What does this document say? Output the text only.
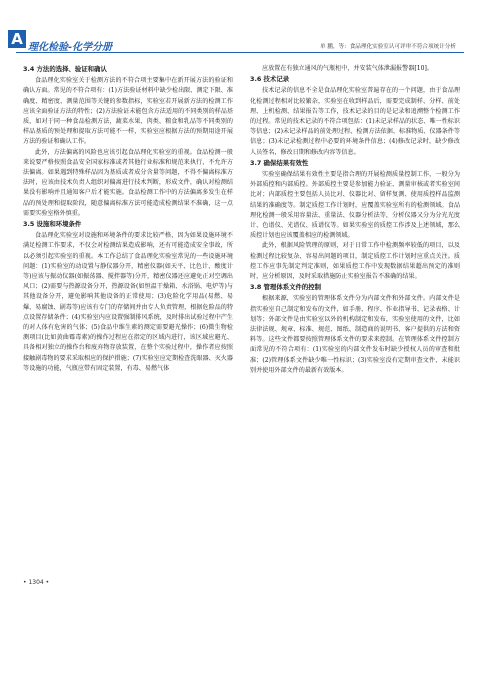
A 理化检验-化学分册	单 鹏，等：食品理化实验室认可评审不符合项统计分析
3.4 方法的选择、验证和确认
食品理化实验室关于检测方法的不符合项主要集中在新开展方法的验证和确认方面。常见的不符合项有：(1)方法验证材料中缺少检出限、测定下限、准确度、精密度、测量范围等关键的参数指标，实验室若开展新方法的检测工作应该全面验证方法的特性；(2)方法验证未能包含方法适用的不同类别的样品基质，如对于同一种食品检测方法，蔬菜水果、肉类、粮食和乳品等不同类别的样品基质的预处理和提取方法可能不一样，实验室应根据方法的预期用途开展方法的验证和确认工作。
此外，方法偏离的风险也应该引起食品理化实验室的重视。食品检测一般来说要严格按照食品安全国家标准或者其他行业标准和规范来执行，不允许方法偏离。如果遇到特殊样品因为基质或者成分含量等问题，不得不偏离标准方法时，应该由技术负责人组织对偏离进行技术判断，形成文件，确认对检测结果没有影响并且通知客户后才能实施。食品检测工作中的方法偏离多发生在样品的预处理和提取阶段，随意偏离标准方法可能造成检测结果不准确，这一点需要实验室格外慎重。
3.5 设施和环境条件
食品理化实验室对设施和环境条件的要求比较严格，因为如果设施环境不满足检测工作要求，不仅会对检测结果造成影响，还有可能造成安全事故，所以必须引起实验室的重视。本工作总结了食品理化实验室常见的一些设施环境问题：(1)实验室的动设置与静仪器分开，精密仪器(如天平、比色计、酸度计等)应该与振动仪器(如振荡器、搅拌器等)分开，精密仪器还应避免正对空调出风口；(2)需要与热源设备分开，热源设备(如恒温干燥箱、水浴锅、电炉等)与其他设备分开，避免影响其他设备的正常使用；(3)危险化学用品(易燃、易爆、易腐蚀、剧毒等)应该有专门的存储间并由专人负责管理，根据危险品的特点设置存储条件；(4)实验室内应设置强制排风系统，及时排出试验过程中产生的对人体有危害的气体；(5)食品中维生素的测定需要避光操作；(6)微生物检测项目(比如黄曲霉毒素)的操作过程应在指定的区域内进行，该区域应避光、具备相对独立的操作台和废弃物存放装置，在整个实验过程中，操作者应按照接触剧毒物的要求采取相应的保护措施；(7)实验室应定期检查洗眼器、灭火器等设施的功能，气瓶应带有固定装置，有毒、易燃气体
应放置在有独立通风的气瓶柜中，并安装气体泄漏报警器[10]。
3.6 技术记录
技术记录的信息不全是食品理化实验室普遍存在的一个问题，由于食品理化检测过程相对比较繁杂，实验室在收到样品后，需要完成制样、分样、前处理、上机检测、结果报告等工作，技术记录的目的是记录和追溯整个检测工作的过程。常见的技术记录的不符合项包括：(1)未记录样品的状态、唯一性标识等信息；(2)未记录样品的前处理过程、检测方法依据、标准物质、仪器条件等信息；(3)未记录检测过程中必要的环境条件信息；(4)修改记录时，缺少修改人员签名，修改日期和修改内容等信息。
3.7 确保结果有效性
实验室确保结果有效性主要是指合理的开展检测质量控制工作，一般分为外部质控和内部质控。外部质控主要是参加能力验证、测量审核或者实验室间比对；内部质控主要包括人员比对、仪器比对、留样复测、使用质控样品监测结果的准确度等。制定质控工作计划时，应覆盖实验室所有的检测领域。食品理化检测一般采用容量法、重量法、仪器分析法等，分析仪器又分为分光光度计、色谱仪、光谱仪、质谱仪等。如果实验室的质控工作涉及上述领域，那么质控计划也应该覆盖相应的检测领域。
此外，根据风险管理的原则，对于日常工作中检测频率较低的项目，以及检测过程比较复杂、容易出问题的项目，制定质控工作计划时应重点关注。质控工作应事先制定判定准则，如果质控工作中发现数据结果超出预定的准则时，应分析原因，及时采取措施防止实验室报告不准确的结果。
3.8 管理体系文件的控制
根据来源，实验室的管理体系文件分为内部文件和外部文件。内部文件是指实验室自己制定和发布的文件，如手册、程序、作业指导书、记录表格、计划等；外部文件是由实验室以外的机构制定和发布，实验室使用的文件，比如法律法规、规章、标准、规范、图纸、制造商的说明书、客户提供的方法和资料等。这些文件都要按照管理体系文件的要求来控制。在管理体系文件控制方面常见的不符合项有：(1)实验室的内部文件发布时缺少授权人员的审查和批准；(2)管理体系文件缺少唯一性标识；(3)实验室没有定期审查文件，未能识别并使用外部文件的最新有效版本。
• 1304 •
